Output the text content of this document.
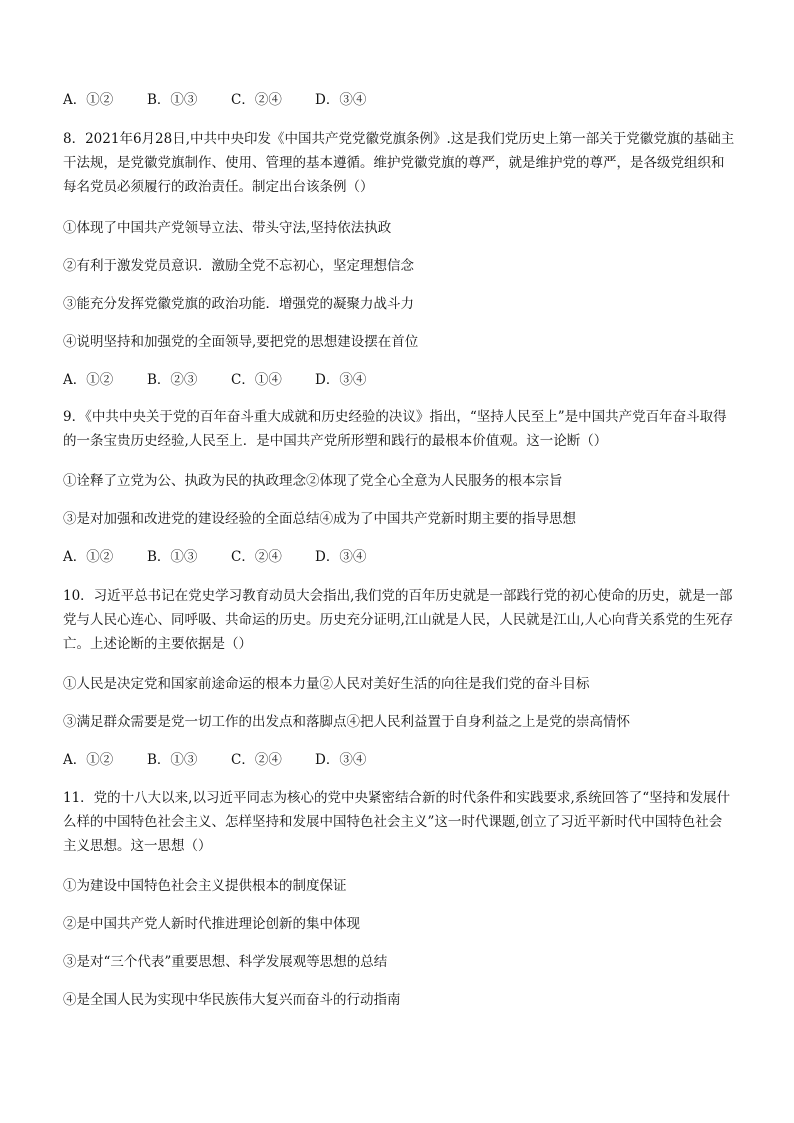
A．①②	B．①③ C．②④ D．③④
8．2021年6月28日,中共中央印发《中国共产党党徽党旗条例》.这是我们党历史上第一部关于党徽党旗的基础主干法规，是党徽党旗制作、使用、管理的基本遵循。维护党徽党旗的尊严，就是维护党的尊严，是各级党组织和每名党员必须履行的政治责任。制定出台该条例（）
①体现了中国共产党领导立法、带头守法,坚持依法执政
②有利于激发党员意识．激励全党不忘初心，坚定理想信念
③能充分发挥党徽党旗的政治功能．增强党的凝聚力战斗力
④说明坚持和加强党的全面领导,要把党的思想建设摆在首位
A．①②	B．②③ C．①④ D．③④
9．《中共中央关于党的百年奋斗重大成就和历史经验的决议》指出，“坚持人民至上”是中国共产党百年奋斗取得的一条宝贵历史经验,人民至上．是中国共产党所形塑和践行的最根本价值观。这一论断（）
①诠释了立党为公、执政为民的执政理念②体现了党全心全意为人民服务的根本宗旨
③是对加强和改进党的建设经验的全面总结④成为了中国共产党新时期主要的指导思想
A．①②	B．①③ C．②④ D．③④
10．习近平总书记在党史学习教育动员大会指出,我们党的百年历史就是一部践行党的初心使命的历史，就是一部党与人民心连心、同呼吸、共命运的历史。历史充分证明,江山就是人民，人民就是江山,人心向背关系党的生死存亡。上述论断的主要依据是（）
①人民是决定党和国家前途命运的根本力量②人民对美好生活的向往是我们党的奋斗目标
③满足群众需要是党一切工作的出发点和落脚点④把人民利益置于自身利益之上是党的崇高情怀
A．①②	B．①③ C．②④ D．③④
11．党的十八大以来,以习近平同志为核心的党中央紧密结合新的时代条件和实践要求,系统回答了“坚持和发展什么样的中国特色社会主义、怎样坚持和发展中国特色社会主义”这一时代课题,创立了习近平新时代中国特色社会主义思想。这一思想（）
①为建设中国特色社会主义提供根本的制度保证
②是中国共产党人新时代推进理论创新的集中体现
③是对“三个代表”重要思想、科学发展观等思想的总结
④是全国人民为实现中华民族伟大复兴而奋斗的行动指南
